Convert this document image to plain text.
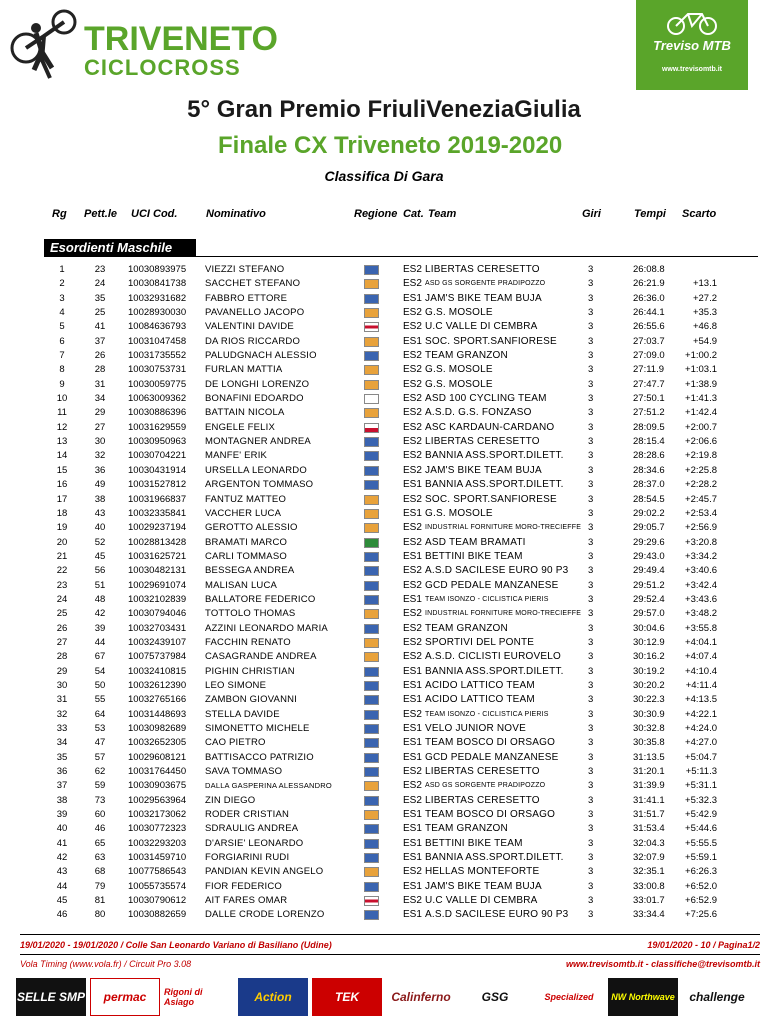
TRIVENETO
CICLOCROSS
Treviso MTB
www.trevisomtb.it
5° Gran Premio FriuliVeneziaGiulia
Finale CX Triveneto 2019-2020
Classifica Di Gara
Rg Pett.le UCI Cod.	Nominativo	Regione Cat. Team	Giri	Tempi Scarto
Esordienti Maschile
1	23	10030893975 VIEZZI STEFANO	ES2 LIBERTAS CERESETTO	3	26:08.8
2	24	10030841738 SACCHET STEFANO	ES2 ASD GS SORGENTE PRADIPOZZO	3	26:21.9	+13.1
3	35	10032931682 FABBRO ETTORE	ES1 JAM'S BIKE TEAM BUJA	3	26:36.0	+27.2
4	25	10028930030 PAVANELLO JACOPO	ES2 G.S. MOSOLE	3	26:44.1	+35.3
5	41	10084636793 VALENTINI DAVIDE	ES2 U.C VALLE DI CEMBRA	3	26:55.6	+46.8
6	37	10031047458 DA RIOS RICCARDO	ES1 SOC. SPORT.SANFIORESE	3	27:03.7	+54.9
7	26	10031735552 PALUDGNACH ALESSIO	ES2 TEAM GRANZON	3	27:09.0	+1:00.2
8	28	10030753731 FURLAN MATTIA	ES2 G.S. MOSOLE	3	27:11.9	+1:03.1
9	31	10030059775 DE LONGHI LORENZO	ES2 G.S. MOSOLE	3	27:47.7	+1:38.9
10	34	10063009362 BONAFINI EDOARDO	ES2 ASD 100 CYCLING TEAM	3	27:50.1	+1:41.3
11	29	10030886396 BATTAIN NICOLA	ES2 A.S.D. G.S. FONZASO	3	27:51.2	+1:42.4
12	27	10031629559 ENGELE FELIX	ES2 ASC KARDAUN-CARDANO	3	28:09.5	+2:00.7
13	30	10030950963 MONTAGNER ANDREA	ES2 LIBERTAS CERESETTO	3	28:15.4	+2:06.6
14	32	10030704221 MANFE' ERIK	ES2 BANNIA ASS.SPORT.DILETT.	3	28:28.6	+2:19.8
15	36	10030431914 URSELLA LEONARDO	ES2 JAM'S BIKE TEAM BUJA	3	28:34.6	+2:25.8
16	49	10031527812 ARGENTON TOMMASO	ES1 BANNIA ASS.SPORT.DILETT.	3	28:37.0	+2:28.2
17	38	10031966837 FANTUZ MATTEO	ES2 SOC. SPORT.SANFIORESE	3	28:54.5	+2:45.7
18	43	10032335841 VACCHER LUCA	ES1 G.S. MOSOLE	3	29:02.2	+2:53.4
19	40	10029237194 GEROTTO ALESSIO	ES2 INDUSTRIAL FORNITURE MORO-TRECIEFFE 3	29:05.7	+2:56.9
20	52	10028813428 BRAMATI MARCO	ES2 ASD TEAM BRAMATI	3	29:29.6	+3:20.8
21	45	10031625721 CARLI TOMMASO	ES1 BETTINI BIKE TEAM	3	29:43.0	+3:34.2
22	56	10030482131 BESSEGA ANDREA	ES2 A.S.D SACILESE EURO 90 P3 3	29:49.4	+3:40.6
23	51	10029691074 MALISAN LUCA	ES2 GCD PEDALE MANZANESE	3	29:51.2	+3:42.4
24	48	10032102839 BALLATORE FEDERICO	ES1 TEAM ISONZO - CICLISTICA PIERIS	3	29:52.4	+3:43.6
25	42	10030794046 TOTTOLO THOMAS	ES2 INDUSTRIAL FORNITURE MORO-TRECIEFFE 3	29:57.0	+3:48.2
26	39	10032703431 AZZINI LEONARDO MARIA	ES2 TEAM GRANZON	3	30:04.6	+3:55.8
27	44	10032439107 FACCHIN RENATO	ES2 SPORTIVI DEL PONTE	3	30:12.9	+4:04.1
28	67	10075737984 CASAGRANDE ANDREA	ES2 A.S.D. CICLISTI EUROVELO	3	30:16.2	+4:07.4
29	54	10032410815 PIGHIN CHRISTIAN	ES1 BANNIA ASS.SPORT.DILETT.	3	30:19.2	+4:10.4
30	50	10032612390 LEO SIMONE	ES1 ACIDO LATTICO TEAM	3	30:20.2	+4:11.4
31	55	10032765166 ZAMBON GIOVANNI	ES1 ACIDO LATTICO TEAM	3	30:22.3	+4:13.5
32	64	10031448693 STELLA DAVIDE	ES2 TEAM ISONZO - CICLISTICA PIERIS	3	30:30.9	+4:22.1
33	53	10030982689 SIMONETTO MICHELE	ES1 VELO JUNIOR NOVE	3	30:32.8	+4:24.0
34	47	10032652305 CAO PIETRO	ES1 TEAM BOSCO DI ORSAGO	3	30:35.8	+4:27.0
35	57	10029608121 BATTISACCO PATRIZIO	ES1 GCD PEDALE MANZANESE	3	31:13.5	+5:04.7
36	62	10031764450 SAVA TOMMASO	ES2 LIBERTAS CERESETTO	3	31:20.1	+5:11.3
37	59	10030903675	DALLA GASPERINA ALESSANDRO	ES2 ASD GS SORGENTE PRADIPOZZO	3	31:39.9	+5:31.1
38	73	10029563964 ZIN DIEGO	ES2 LIBERTAS CERESETTO	3	31:41.1	+5:32.3
39	60	10032173062 RODER CRISTIAN	ES1 TEAM BOSCO DI ORSAGO	3	31:51.7	+5:42.9
40	46	10030772323 SDRAULIG ANDREA	ES1 TEAM GRANZON	3	31:53.4	+5:44.6
41	65	10032293203 D'ARSIE' LEONARDO	ES1 BETTINI BIKE TEAM	3	32:04.3	+5:55.5
42	63	10031459710 FORGIARINI RUDI	ES1 BANNIA ASS.SPORT.DILETT.	3	32:07.9	+5:59.1
43	68	10077586543 PANDIAN KEVIN ANGELO	ES2 HELLAS MONTEFORTE	3	32:35.1	+6:26.3
44	79	10055735574 FIOR FEDERICO	ES1 JAM'S BIKE TEAM BUJA	3	33:00.8	+6:52.0
45	81	10030790612 AIT FARES OMAR	ES2 U.C VALLE DI CEMBRA	3	33:01.7	+6:52.9
46	80	10030882659 DALLE CRODE LORENZO	ES1 A.S.D SACILESE EURO 90 P3 3	33:34.4	+7:25.6
19/01/2020 - 19/01/2020 / Colle San Leonardo Variano di Basiliano (Udine)	19/01/2020 - 10 / Pagina1/2
Vola Timing (www.vola.fr) / Circuit Pro 3.08	www.trevisomtb.it - classifiche@trevisomtb.it
SELLE SMP	permac	Rigoni di Asiago	Action	TEK	Calinferno	GSG	Specialized	NW Northwave	challenge
